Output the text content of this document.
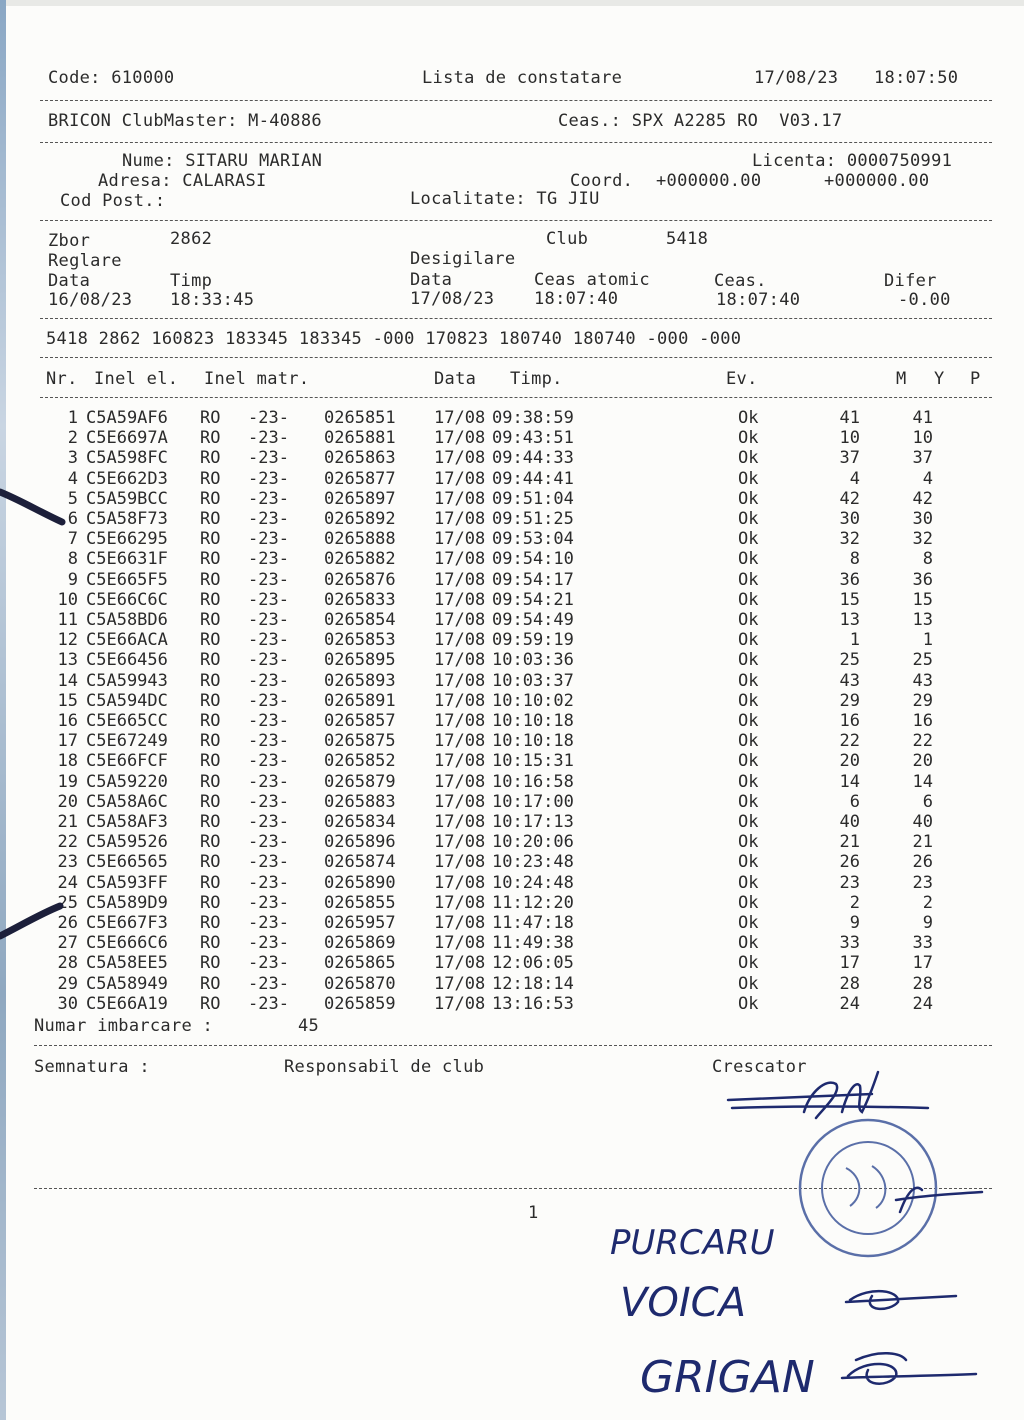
Code: 610000	Lista de constatare	17/08/23 18:07:50
BRICON ClubMaster: M-40886	Ceas.: SPX A2285 RO  V03.17
Nume: SITARU MARIAN	Licenta: 0000750991
Adresa: CALARASI	Coord. +000000.00	+000000.00
Cod Post.:	Localitate: TG JIU
Zbor	2862	Club	5418
Reglare	Desigilare
Data	Timp	Data	Ceas atomic	Ceas.	Difer
16/08/23 18:33:45	17/08/23 18:07:40	18:07:40	-0.00
5418 2862 160823 183345 183345 -000 170823 180740 180740 -000 -000
Nr. Inel el. Inel matr.	Data Timp.	Ev.	M Y P
1 C5A59AF6 RO -23- 0265851 17/08 09:38:59	Ok	41	41
2 C5E6697A RO -23- 0265881 17/08 09:43:51	Ok	10	10
3 C5A598FC RO -23- 0265863 17/08 09:44:33	Ok	37	37
4 C5E662D3 RO -23- 0265877 17/08 09:44:41	Ok	4	4
5 C5A59BCC RO -23- 0265897 17/08 09:51:04	Ok	42	42
6 C5A58F73 RO -23- 0265892 17/08 09:51:25	Ok	30	30
7 C5E66295 RO -23- 0265888 17/08 09:53:04	Ok	32	32
8 C5E6631F RO -23- 0265882 17/08 09:54:10	Ok	8	8
9 C5E665F5 RO -23- 0265876 17/08 09:54:17	Ok	36	36
10 C5E66C6C RO -23- 0265833 17/08 09:54:21	Ok	15	15
11 C5A58BD6 RO -23- 0265854 17/08 09:54:49	Ok	13	13
12 C5E66ACA RO -23- 0265853 17/08 09:59:19	Ok	1	1
13 C5E66456 RO -23- 0265895 17/08 10:03:36	Ok	25	25
14 C5A59943 RO -23- 0265893 17/08 10:03:37	Ok	43	43
15 C5A594DC RO -23- 0265891 17/08 10:10:02	Ok	29	29
16 C5E665CC RO -23- 0265857 17/08 10:10:18	Ok	16	16
17 C5E67249 RO -23- 0265875 17/08 10:10:18	Ok	22	22
18 C5E66FCF RO -23- 0265852 17/08 10:15:31	Ok	20	20
19 C5A59220 RO -23- 0265879 17/08 10:16:58	Ok	14	14
20 C5A58A6C RO -23- 0265883 17/08 10:17:00	Ok	6	6
21 C5A58AF3 RO -23- 0265834 17/08 10:17:13	Ok	40	40
22 C5A59526 RO -23- 0265896 17/08 10:20:06	Ok	21	21
23 C5E66565 RO -23- 0265874 17/08 10:23:48	Ok	26	26
24 C5A593FF RO -23- 0265890 17/08 10:24:48	Ok	23	23
25 C5A589D9 RO -23- 0265855 17/08 11:12:20	Ok	2	2
26 C5E667F3 RO -23- 0265957 17/08 11:47:18	Ok	9	9
27 C5E666C6 RO -23- 0265869 17/08 11:49:38	Ok	33	33
28 C5A58EE5 RO -23- 0265865 17/08 12:06:05	Ok	17	17
29 C5A58949 RO -23- 0265870 17/08 12:18:14	Ok	28	28
30 C5E66A19 RO -23- 0265859 17/08 13:16:53	Ok	24	24
Numar imbarcare :	45
Semnatura :	Responsabil de club	Crescator
1
PURCARU
VOICA
GRIGAN
